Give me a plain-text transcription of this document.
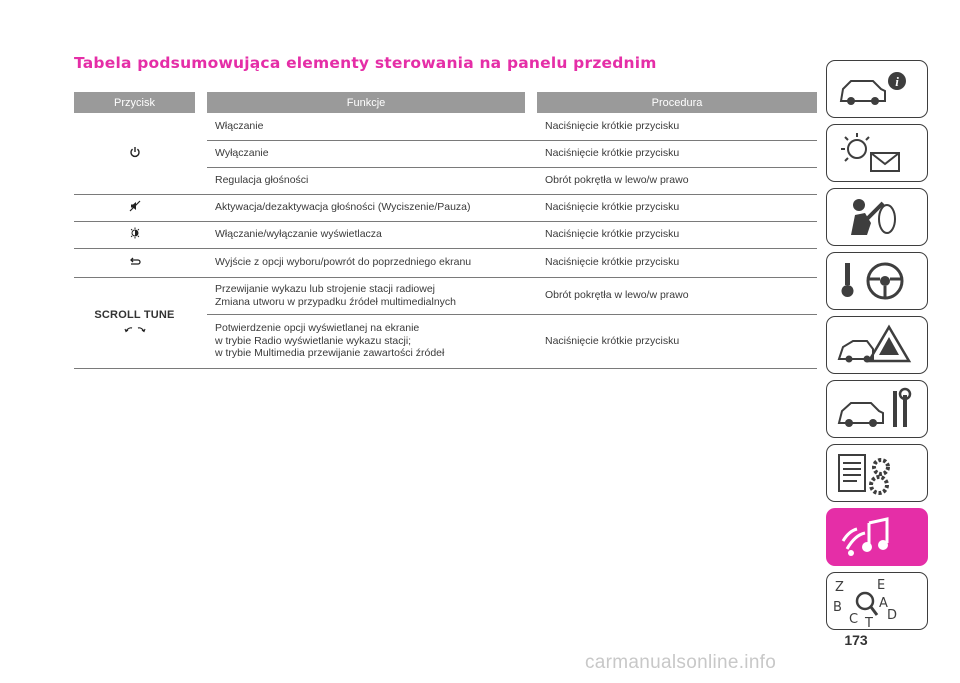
Tabela podsumowująca elementy sterowania na panelu przednim
Przycisk		Funkcje		Procedura
		Włączanie		Naciśnięcie krótkie przycisku
		Wyłączanie		Naciśnięcie krótkie przycisku
		Regulacja głośności		Obrót pokrętła w lewo/w prawo
		Aktywacja/dezaktywacja głośności (Wyciszenie/Pauza)		Naciśnięcie krótkie przycisku
		Włączanie/wyłączanie wyświetlacza		Naciśnięcie krótkie przycisku
		Wyjście z opcji wyboru/powrót do poprzedniego ekranu		Naciśnięcie krótkie przycisku

SCROLL TUNE		Przewijanie wykazu lub strojenie stacji radiowej
Zmiana utworu w przypadku źródeł multimedialnych		Obrót pokrętła w lewo/w prawo

		Potwierdzenie opcji wyświetlanej na ekranie
w trybie Radio wyświetlanie wykazu stacji;
w trybie Multimedia przewijanie zawartości źródeł		Naciśnięcie krótkie przycisku
i
Z	E
B	A
C D
T
173
carmanualsonline.info
